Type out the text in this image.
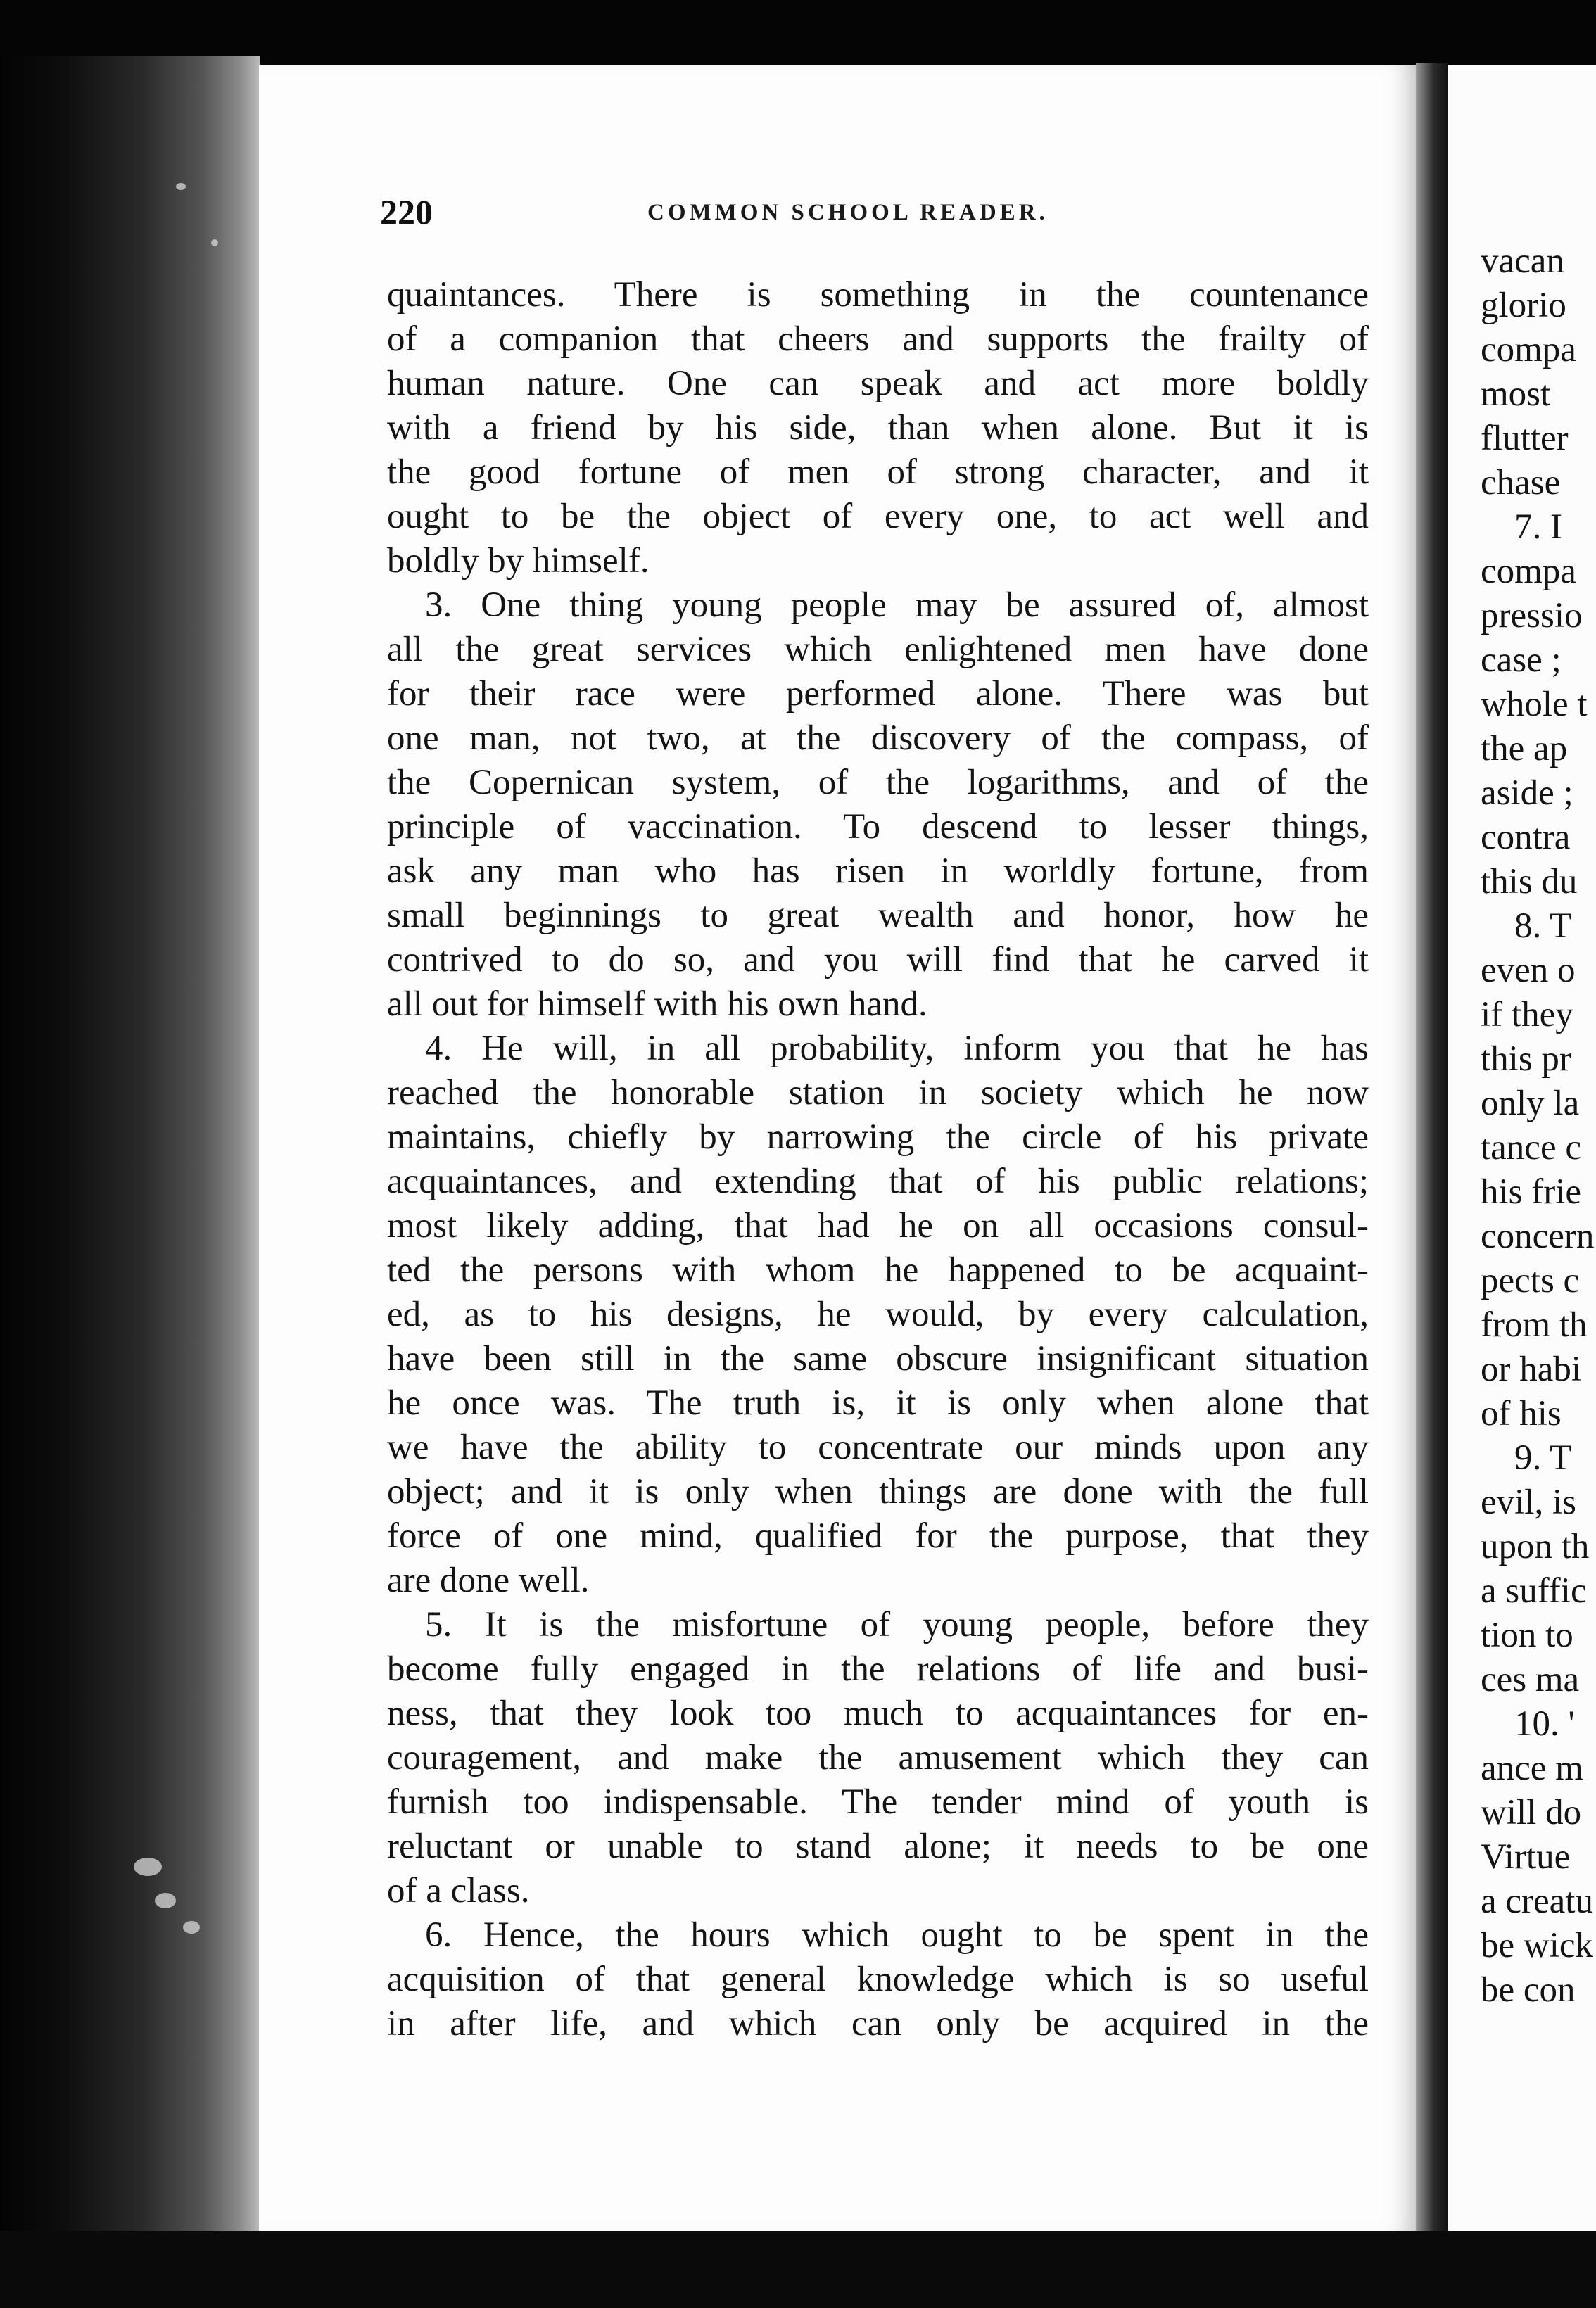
220	COMMON SCHOOL READER.
quaintances. There is something in the countenance
of a companion that cheers and supports the frailty of
human nature. One can speak and act more boldly
with a friend by his side, than when alone. But it is
the good fortune of men of strong character, and it
ought to be the object of every one, to act well and
boldly by himself.
3. One thing young people may be assured of, almost
all the great services which enlightened men have done
for their race were performed alone. There was but
one man, not two, at the discovery of the compass, of
the Copernican system, of the logarithms, and of the
principle of vaccination. To descend to lesser things,
ask any man who has risen in worldly fortune, from
small beginnings to great wealth and honor, how he
contrived to do so, and you will find that he carved it
all out for himself with his own hand.
4. He will, in all probability, inform you that he has
reached the honorable station in society which he now
maintains, chiefly by narrowing the circle of his private
acquaintances, and extending that of his public relations;
most likely adding, that had he on all occasions consul-
ted the persons with whom he happened to be acquaint-
ed, as to his designs, he would, by every calculation,
have been still in the same obscure insignificant situation
he once was. The truth is, it is only when alone that
we have the ability to concentrate our minds upon any
object; and it is only when things are done with the full
force of one mind, qualified for the purpose, that they
are done well.
5. It is the misfortune of young people, before they
become fully engaged in the relations of life and busi-
ness, that they look too much to acquaintances for en-
couragement, and make the amusement which they can
furnish too indispensable. The tender mind of youth is
reluctant or unable to stand alone; it needs to be one
of a class.
6. Hence, the hours which ought to be spent in the
acquisition of that general knowledge which is so useful
in after life, and which can only be acquired in the
vacan
glorio
compa
most
flutter
chase
7. I
compa
pressio
case ;
whole t
the ap
aside ;
contra
this du
8. T
even o
if they
this pr
only la
tance c
his frie
concern
pects c
from th
or habi
of his
9. T
evil, is
upon th
a suffic
tion to
ces ma
10. '
ance m
will do
Virtue
a creatu
be wick
be con
